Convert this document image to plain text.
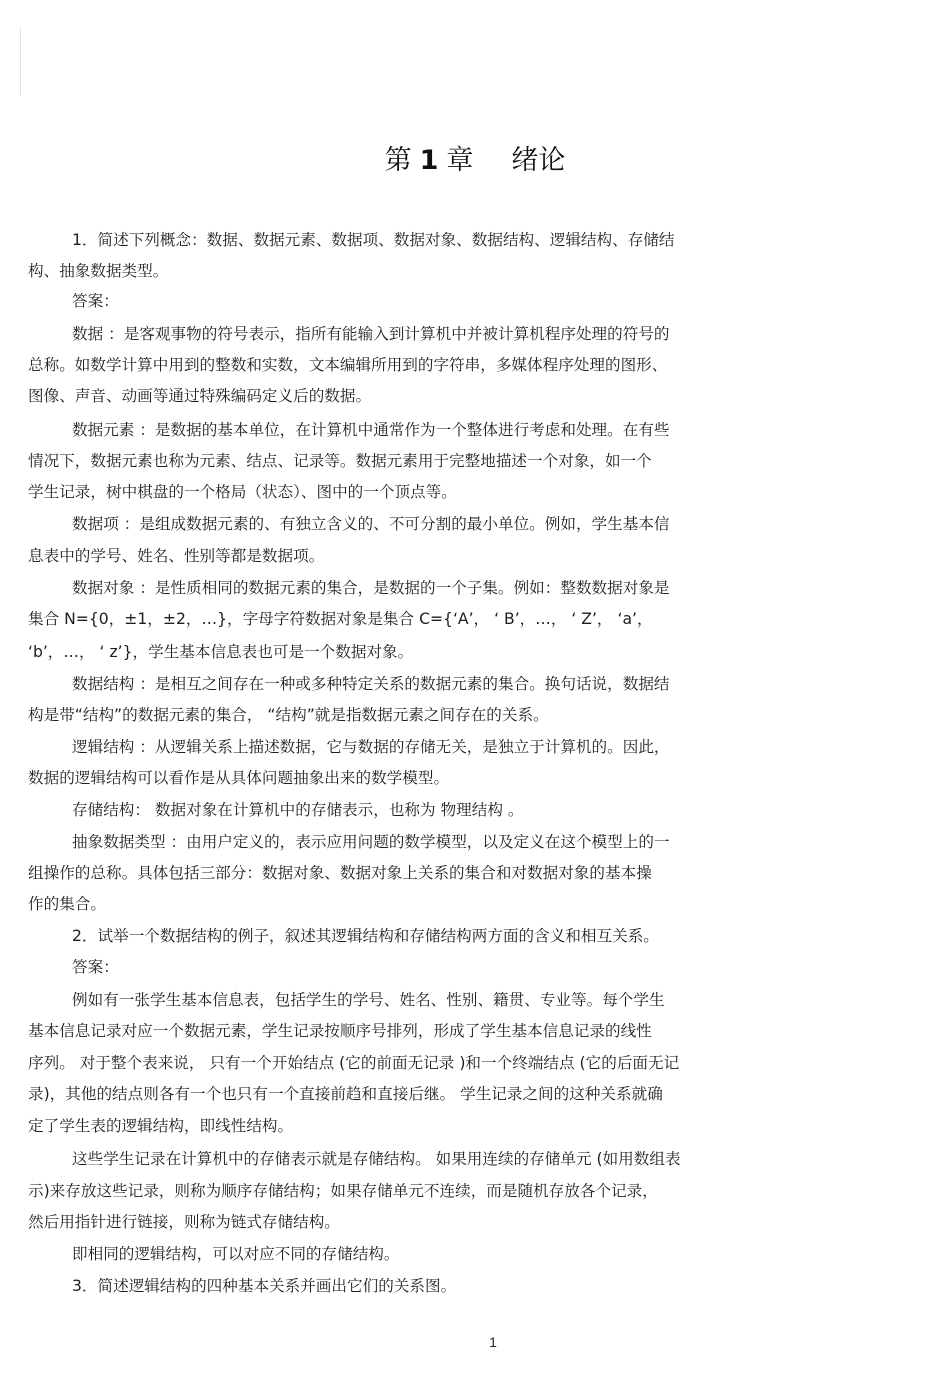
第 1 章 绪论
1．简述下列概念：数据、数据元素、数据项、数据对象、数据结构、逻辑结构、存储结
构、抽象数据类型。
答案：
数据 ：是客观事物的符号表示，指所有能输入到计算机中并被计算机程序处理的符号的
总称。如数学计算中用到的整数和实数，文本编辑所用到的字符串，多媒体程序处理的图形、
图像、声音、动画等通过特殊编码定义后的数据。
数据元素 ：是数据的基本单位，在计算机中通常作为一个整体进行考虑和处理。在有些
情况下，数据元素也称为元素、结点、记录等。数据元素用于完整地描述一个对象，如一个
学生记录，树中棋盘的一个格局（状态）、图中的一个顶点等。
数据项 ：是组成数据元素的、有独立含义的、不可分割的最小单位。例如，学生基本信
息表中的学号、姓名、性别等都是数据项。
数据对象 ：是性质相同的数据元素的集合，是数据的一个子集。例如：整数数据对象是
集合 N={0，±1，±2，…}，字母字符数据对象是集合 C={‘A’， ‘ B’，…， ‘ Z’， ‘a’，
‘b’，…， ‘ z’}，学生基本信息表也可是一个数据对象。
数据结构 ：是相互之间存在一种或多种特定关系的数据元素的集合。换句话说，数据结
构是带“结构”的数据元素的集合， “结构”就是指数据元素之间存在的关系。
逻辑结构 ：从逻辑关系上描述数据，它与数据的存储无关，是独立于计算机的。因此，
数据的逻辑结构可以看作是从具体问题抽象出来的数学模型。
存储结构： 数据对象在计算机中的存储表示，也称为 物理结构 。
抽象数据类型 ：由用户定义的，表示应用问题的数学模型，以及定义在这个模型上的一
组操作的总称。具体包括三部分：数据对象、数据对象上关系的集合和对数据对象的基本操
作的集合。
2．试举一个数据结构的例子，叙述其逻辑结构和存储结构两方面的含义和相互关系。
答案：
例如有一张学生基本信息表，包括学生的学号、姓名、性别、籍贯、专业等。每个学生
基本信息记录对应一个数据元素，学生记录按顺序号排列，形成了学生基本信息记录的线性
序列。 对于整个表来说， 只有一个开始结点 (它的前面无记录 )和一个终端结点 (它的后面无记
录)，其他的结点则各有一个也只有一个直接前趋和直接后继。 学生记录之间的这种关系就确
定了学生表的逻辑结构，即线性结构。
这些学生记录在计算机中的存储表示就是存储结构。 如果用连续的存储单元 (如用数组表
示)来存放这些记录，则称为顺序存储结构；如果存储单元不连续，而是随机存放各个记录，
然后用指针进行链接，则称为链式存储结构。
即相同的逻辑结构，可以对应不同的存储结构。
3．简述逻辑结构的四种基本关系并画出它们的关系图。
1
